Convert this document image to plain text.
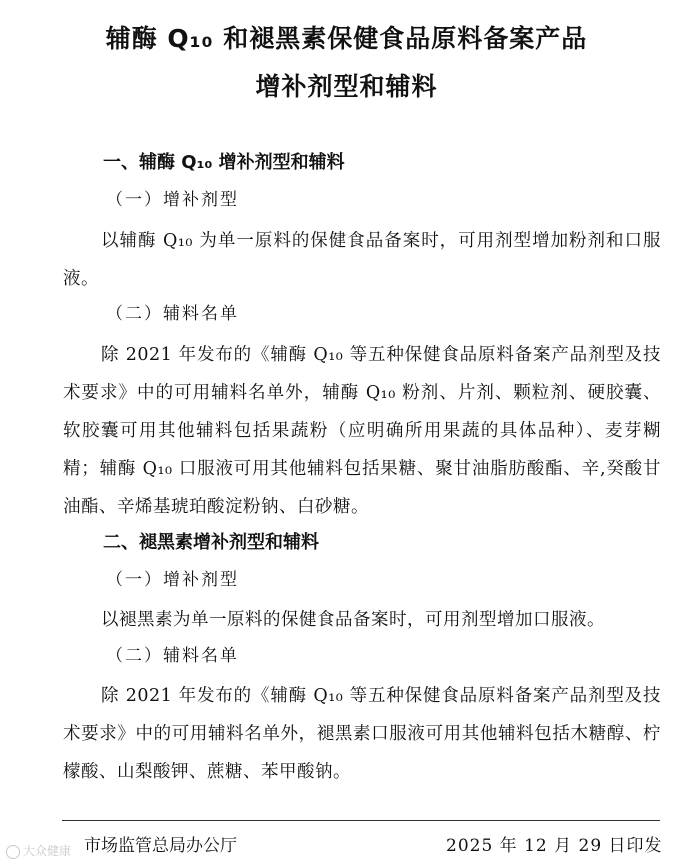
辅酶 Q₁₀ 和褪黑素保健食品原料备案产品
增补剂型和辅料
一、辅酶 Q₁₀ 增补剂型和辅料
（一）增补剂型

以辅酶 Q₁₀ 为单一原料的保健食品备案时，可用剂型增加粉剂和口服液。

（二）辅料名单

除 2021 年发布的《辅酶 Q₁₀ 等五种保健食品原料备案产品剂型及技术要求》中的可用辅料名单外，辅酶 Q₁₀ 粉剂、片剂、颗粒剂、硬胶囊、软胶囊可用其他辅料包括果蔬粉（应明确所用果蔬的具体品种）、麦芽糊精；辅酶 Q₁₀ 口服液可用其他辅料包括果糖、聚甘油脂肪酸酯、辛,癸酸甘油酯、辛烯基琥珀酸淀粉钠、白砂糖。

二、褪黑素增补剂型和辅料
（一）增补剂型

以褪黑素为单一原料的保健食品备案时，可用剂型增加口服液。

（二）辅料名单

除 2021 年发布的《辅酶 Q₁₀ 等五种保健食品原料备案产品剂型及技术要求》中的可用辅料名单外，褪黑素口服液可用其他辅料包括木糖醇、柠檬酸、山梨酸钾、蔗糖、苯甲酸钠。

市场监管总局办公厅	2025 年 12 月 29 日印发
大众健康
